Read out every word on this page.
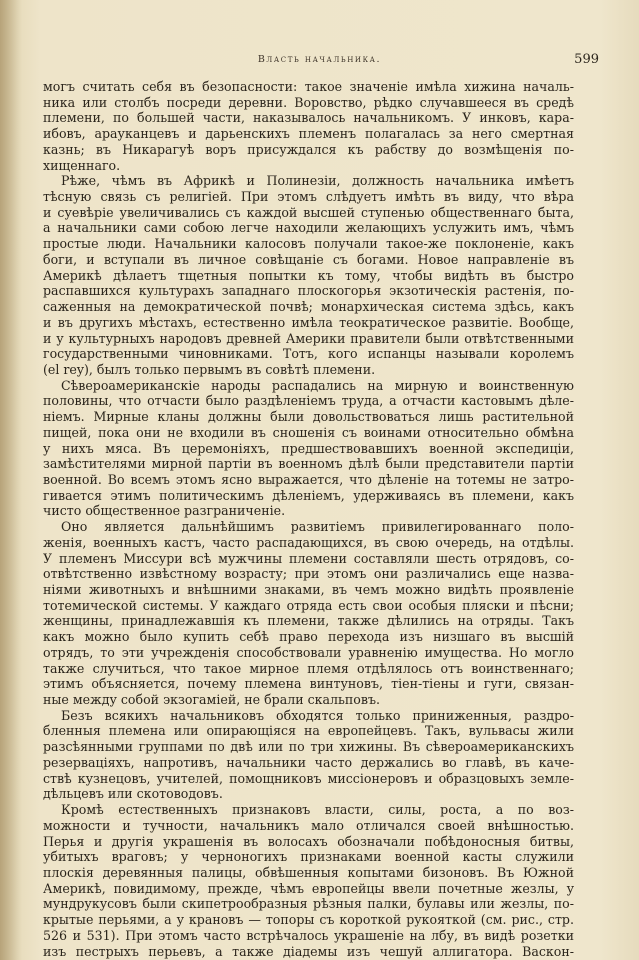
Власть начальника.	599
могъ считать себя въ безопасности: такое значеніе имѣла хижина началь-
ника или столбъ посреди деревни. Воровство, рѣдко случавшееся въ средѣ
племени, по большей части, наказывалось начальникомъ. У инковъ, кара-
ибовъ, арауканцевъ и дарьенскихъ племенъ полагалась за него смертная
казнь; въ Никарагуѣ воръ присуждался къ рабству до возмѣщенія по-
хищеннаго.
Рѣже, чѣмъ въ Африкѣ и Полинезіи, должность начальника имѣетъ
тѣсную связь съ религіей. При этомъ слѣдуетъ имѣть въ виду, что вѣра
и суевѣріе увеличивались съ каждой высшей ступенью общественнаго быта,
а начальники сами собою легче находили желающихъ услужить имъ, чѣмъ
простые люди. Начальники калосовъ получали такое-же поклоненіе, какъ
боги, и вступали въ личное совѣщаніе съ богами. Новое направленіе въ
Америкѣ дѣлаетъ тщетныя попытки къ тому, чтобы видѣть въ быстро
распавшихся культурахъ западнаго плоскогорья экзотическія растенія, по-
саженныя на демократической почвѣ; монархическая система здѣсь, какъ
и въ другихъ мѣстахъ, естественно имѣла теократическое развитіе. Вообще,
и у культурныхъ народовъ древней Америки правители были отвѣтственными
государственными чиновниками. Тотъ, кого испанцы называли королемъ
(el rey), былъ только первымъ въ совѣтѣ племени.
Сѣвероамериканскіе народы распадались на мирную и воинственную
половины, что отчасти было раздѣленіемъ труда, а отчасти кастовымъ дѣле-
ніемъ. Мирные кланы должны были довольствоваться лишь растительной
пищей, пока они не входили въ сношенія съ воинами относительно обмѣна
у нихъ мяса. Въ церемоніяхъ, предшествовавшихъ военной экспедиціи,
замѣстителями мирной партіи въ военномъ дѣлѣ были представители партіи
военной. Во всемъ этомъ ясно выражается, что дѣленіе на тотемы не затро-
гивается этимъ политическимъ дѣленіемъ, удерживаясь въ племени, какъ
чисто общественное разграниченіе.
Оно является дальнѣйшимъ развитіемъ привилегированнаго поло-
женія, военныхъ кастъ, часто распадающихся, въ свою очередь, на отдѣлы.
У племенъ Миссури всѣ мужчины племени составляли шесть отрядовъ, со-
отвѣтственно извѣстному возрасту; при этомъ они различались еще назва-
ніями животныхъ и внѣшними знаками, въ чемъ можно видѣть проявленіе
тотемической системы. У каждаго отряда есть свои особыя пляски и пѣсни;
женщины, принадлежавшія къ племени, также дѣлились на отряды. Такъ
какъ можно было купить себѣ право перехода изъ низшаго въ высшій
отрядъ, то эти учрежденія способствовали уравненію имущества. Но могло
также случиться, что такое мирное племя отдѣлялось отъ воинственнаго;
этимъ объясняется, почему племена винтуновъ, тіен-тіены и гуги, связан-
ные между собой экзогаміей, не брали скальповъ.
Безъ всякихъ начальниковъ обходятся только приниженныя, раздро-
бленныя племена или опирающіяся на европейцевъ. Такъ, вульвасы жили
разсѣянными группами по двѣ или по три хижины. Въ сѣвероамериканскихъ
резервацiяхъ, напротивъ, начальники часто держались во главѣ, въ каче-
ствѣ кузнецовъ, учителей, помощниковъ миссіонеровъ и образцовыхъ земле-
дѣльцевъ или скотоводовъ.
Кромѣ естественныхъ признаковъ власти, силы, роста, а по воз-
можности и тучности, начальникъ мало отличался своей внѣшностью.
Перья и другія украшенія въ волосахъ обозначали побѣдоносныя битвы,
убитыхъ враговъ; у черноногихъ признаками военной касты служили
плоскія деревянныя палицы, обвѣшенныя копытами бизоновъ. Въ Южной
Америкѣ, повидимому, прежде, чѣмъ европейцы ввели почетные жезлы, у
мундрукусовъ были скипетрообразныя рѣзныя палки, булавы или жезлы, по-
крытые перьями, а у крановъ — топоры съ короткой рукояткой (см. рис., стр.
526 и 531). При этомъ часто встрѣчалось украшеніе на лбу, въ видѣ розетки
изъ пестрыхъ перьевъ, а также діадемы изъ чешуй аллигатора. Васкон-
